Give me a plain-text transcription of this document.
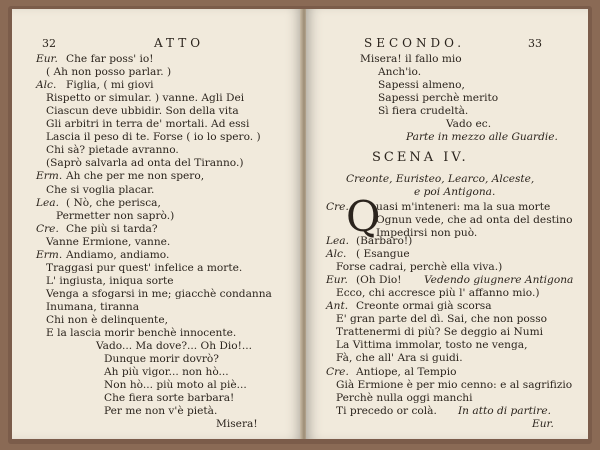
32	ATTO
Eur. Che far poss' io!
( Ah non posso parlar. )
Alc. Figlia, ( mi giovi
Rispetto or simular. ) vanne. Agli Dei
Ciascun deve ubbidir. Son della vita
Gli arbitri in terra de' mortali. Ad essi
Lascia il peso di te. Forse ( io lo spero. )
Chi sà? pietade avranno.
(Saprò salvarla ad onta del Tiranno.)
Erm. Ah che per me non spero,
Che si voglia placar.
Lea. ( Nò, che perisca,
Permetter non saprò.)
Cre. Che più si tarda?
Vanne Ermione, vanne.
Erm. Andiamo, andiamo.
Traggasi pur quest' infelice a morte.
L' ingiusta, iniqua sorte
Venga a sfogarsi in me; giacchè condanna
Inumana, tiranna
Chi non è delinquente,
E la lascia morir benchè innocente.
Vado... Ma dove?... Oh Dio!...
Dunque morir dovrò?
Ah più vigor... non hò...
Non hò... più moto al piè...
Che fiera sorte barbara!
Per me non v'è pietà.
Misera!
SECONDO.	33
Misera! il fallo mio
Anch'io.
Sapessi almeno,
Sapessi perchè merito
Sì fiera crudeltà.
Vado ec.
Parte in mezzo alle Guardie.
SCENA IV.
Creonte, Euristeo, Learco, Alceste,
e poi Antigona.
Cre.
Q
uasi m'inteneri: ma la sua morte
Ognun vede, che ad onta del destino
Impedirsi non può.
Lea. (Barbaro!)
Alc. ( Esangue
Forse cadrai, perchè ella viva.)
Eur. (Oh Dio! Vedendo giugnere Antigona
Ecco, chi accresce più l' affanno mio.)
Ant. Creonte ormai già scorsa
E' gran parte del dì. Sai, che non posso
Trattenermi di più? Se deggio ai Numi
La Vittima immolar, tosto ne venga,
Fà, che all' Ara si guidi.
Cre. Antiope, al Tempio
Già Ermione è per mio cenno: e al sagrifizio
Perchè nulla oggi manchi
Ti precedo or colà. In atto di partire.
Eur.
